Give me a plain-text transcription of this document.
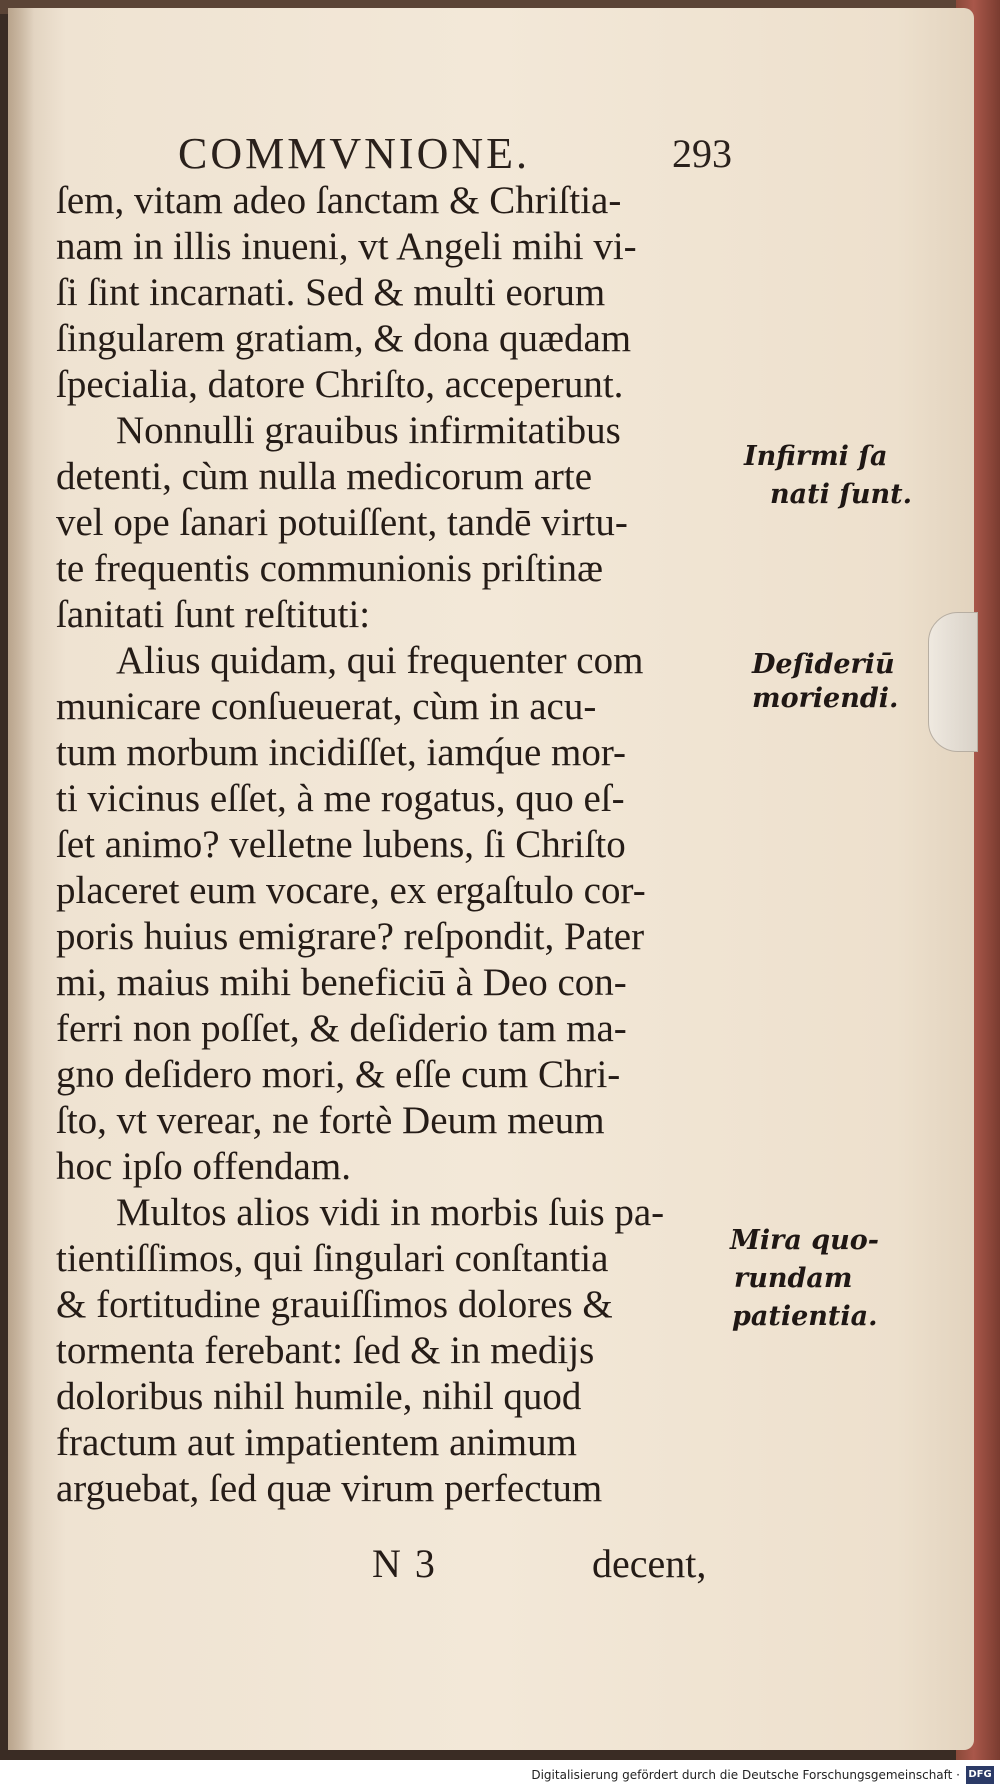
COMMVNIONE.	293
ſem, vitam adeo ſanctam & Chriſtia-
nam in illis inueni, vt Angeli mihi vi-
ſi ſint incarnati. Sed & multi eorum
ſingularem gratiam, & dona quædam
ſpecialia, datore Chriſto, acceperunt.
Nonnulli grauibus infirmitatibus
detenti, cùm nulla medicorum arte
vel ope ſanari potuiſſent, tandē virtu-
te frequentis communionis priſtinæ
ſanitati ſunt reſtituti:
Alius quidam, qui frequenter com
municare conſueuerat, cùm in acu-
tum morbum incidiſſet, iamq́ue mor-
ti vicinus eſſet, à me rogatus, quo eſ-
ſet animo? velletne lubens, ſi Chriſto
placeret eum vocare, ex ergaſtulo cor-
poris huius emigrare? reſpondit, Pater
mi, maius mihi beneficiū à Deo con-
ferri non poſſet, & deſiderio tam ma-
gno deſidero mori, & eſſe cum Chri-
ſto, vt verear, ne fortè Deum meum
hoc ipſo offendam.
Multos alios vidi in morbis ſuis pa-
tientiſſimos, qui ſingulari conſtantia
& fortitudine grauiſſimos dolores &
tormenta ferebant: ſed & in medijs
doloribus nihil humile, nihil quod
fractum aut impatientem animum
arguebat, ſed quæ virum perfectum
Infirmi ſa
nati ſunt.
Deſideriū
moriendi.
Mira quo-
rundam
patientia.
N 3	decent,
Digitalisierung gefördert durch die Deutsche Forschungsgemeinschaft · DFG
